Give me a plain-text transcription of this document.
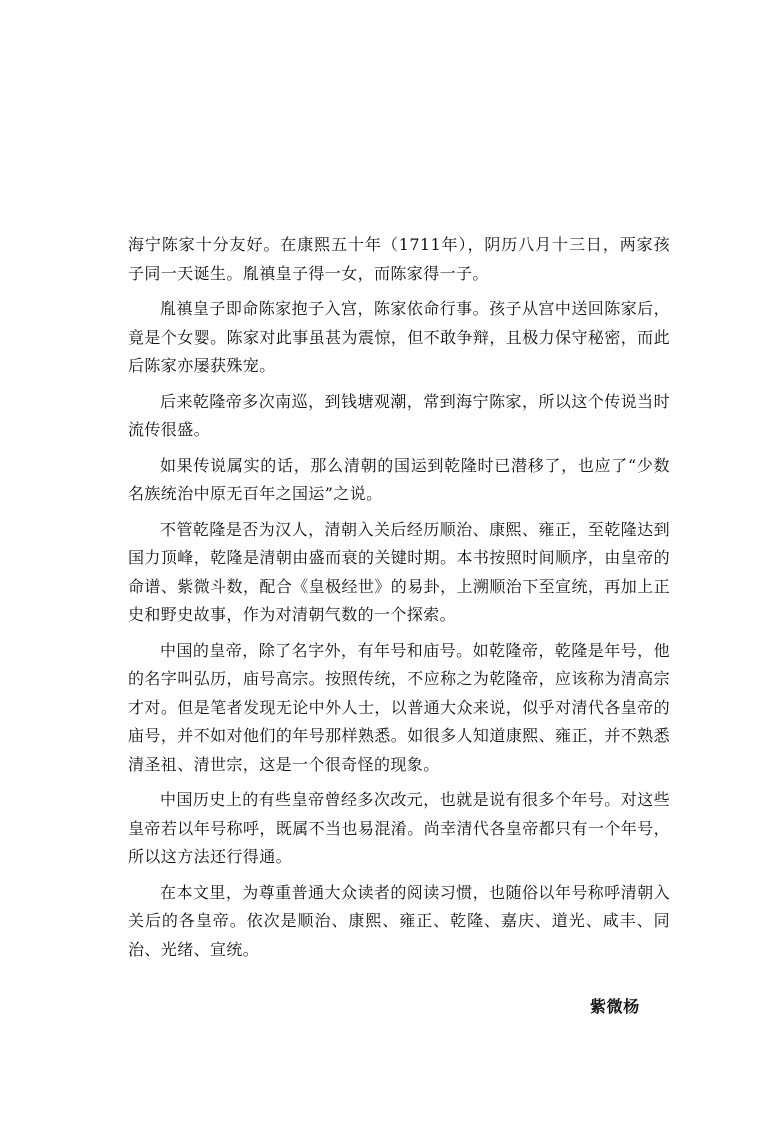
海宁陈家十分友好。在康熙五十年（1711年），阴历八月十三日，两家孩子同一天诞生。胤禛皇子得一女，而陈家得一子。

胤禛皇子即命陈家抱子入宫，陈家依命行事。孩子从宫中送回陈家后，竟是个女婴。陈家对此事虽甚为震惊，但不敢争辩，且极力保守秘密，而此后陈家亦屡获殊宠。

后来乾隆帝多次南巡，到钱塘观潮，常到海宁陈家，所以这个传说当时流传很盛。

如果传说属实的话，那么清朝的国运到乾隆时已潜移了，也应了“少数名族统治中原无百年之国运”之说。

不管乾隆是否为汉人，清朝入关后经历顺治、康熙、雍正，至乾隆达到国力顶峰，乾隆是清朝由盛而衰的关键时期。本书按照时间顺序，由皇帝的命谱、紫微斗数，配合《皇极经世》的易卦，上溯顺治下至宣统，再加上正史和野史故事，作为对清朝气数的一个探索。

中国的皇帝，除了名字外，有年号和庙号。如乾隆帝，乾隆是年号，他的名字叫弘历，庙号高宗。按照传统，不应称之为乾隆帝，应该称为清高宗才对。但是笔者发现无论中外人士，以普通大众来说，似乎对清代各皇帝的庙号，并不如对他们的年号那样熟悉。如很多人知道康熙、雍正，并不熟悉清圣祖、清世宗，这是一个很奇怪的现象。

中国历史上的有些皇帝曾经多次改元，也就是说有很多个年号。对这些皇帝若以年号称呼，既属不当也易混淆。尚幸清代各皇帝都只有一个年号，所以这方法还行得通。

在本文里，为尊重普通大众读者的阅读习惯，也随俗以年号称呼清朝入关后的各皇帝。依次是顺治、康熙、雍正、乾隆、嘉庆、道光、咸丰、同治、光绪、宣统。

紫微杨
